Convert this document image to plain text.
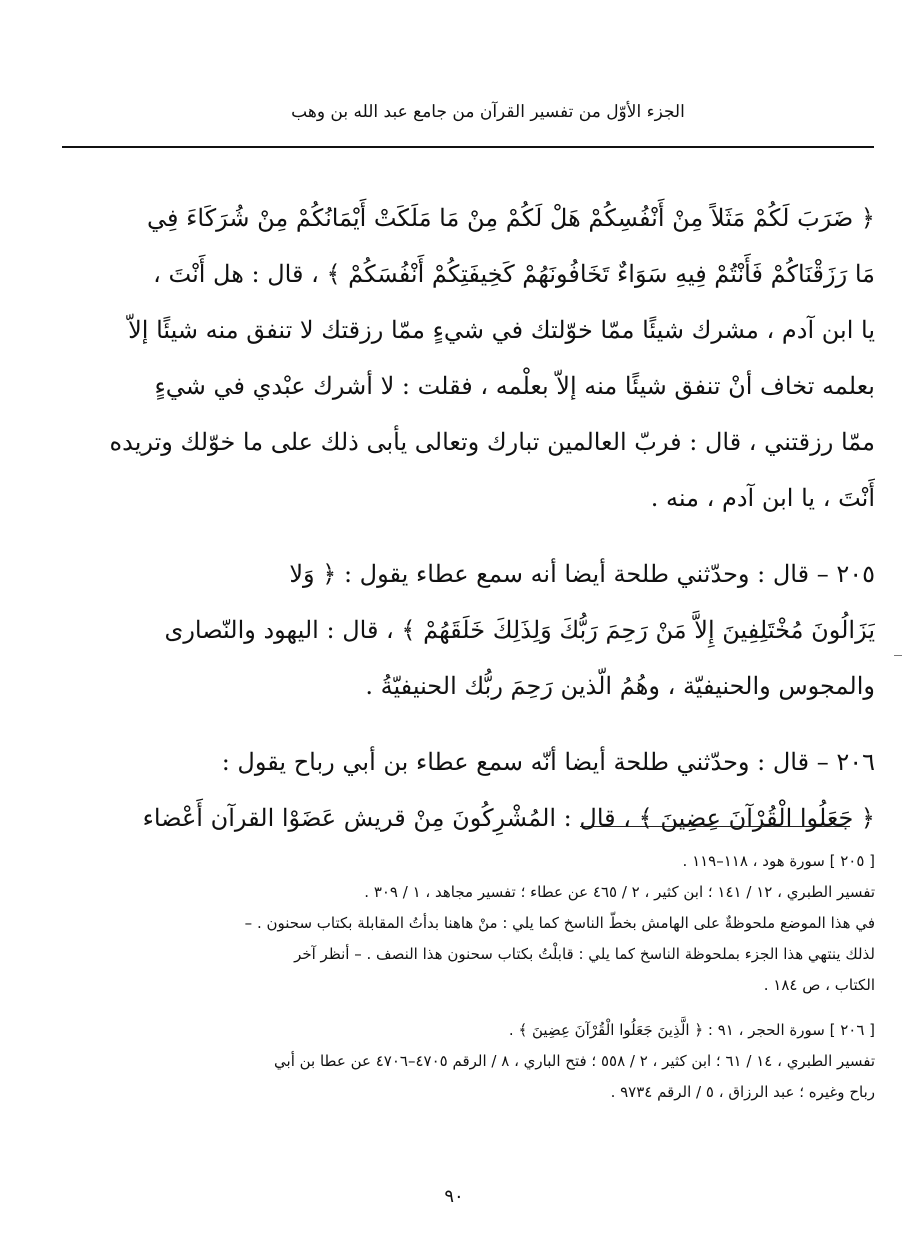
الجزء الأوّل من تفسير القرآن من جامع عبد الله بن وهب
﴿ ضَرَبَ لَكُمْ مَثَلاً مِنْ أَنْفُسِكُمْ هَلْ لَكُمْ مِنْ مَا مَلَكَتْ أَيْمَانُكُمْ مِنْ شُرَكَاءَ فِي
مَا رَزَقْنَاكُمْ فَأَنْتُمْ فِيهِ سَوَاءٌ تَخَافُونَهُمْ كَخِيفَتِكُمْ أَنْفُسَكُمْ ﴾ ، قال : هل أَنْتَ ،
يا ابن آدم ، مشرك شيئًا ممّا خوّلتك في شيءٍ ممّا رزقتك لا تنفق منه شيئًا إلاّ
بعلمه تخاف أنْ تنفق شيئًا منه إلاّ بعلْمه ، فقلت : لا أشرك عبْدي في شيءٍ
ممّا رزقتني ، قال : فربّ العالمين تبارك وتعالى يأبى ذلك على ما خوّلك وتريده
أَنْتَ ، يا ابن آدم ، منه .
٢٠٥ – قال : وحدّثني طلحة أيضا أنه سمع عطاء يقول : ﴿ وَلا
يَزَالُونَ مُخْتَلِفِينَ إِلاَّ مَنْ رَحِمَ رَبُّكَ وَلِذَلِكَ خَلَقَهُمْ ﴾ ، قال : اليهود والنّصارى
والمجوس والحنيفيّة ، وهُمُ الّذين رَحِمَ ربُّك الحنيفيّةُ .
٢٠٦ – قال : وحدّثني طلحة أيضا أنّه سمع عطاء بن أبي رباح يقول :
﴿ جَعَلُوا الْقُرْآنَ عِضِينَ ﴾ ، قال : المُشْرِكُونَ مِنْ قريش عَضَوْا القرآن أَعْضاء
[ ٢٠٥ ] سورة هود ، ١١٨–١١٩ .
تفسير الطبري ، ١٢ / ١٤١ ؛ ابن كثير ، ٢ / ٤٦٥ عن عطاء ؛ تفسير مجاهد ، ١ / ٣٠٩ .
في هذا الموضع ملحوظةٌ على الهامش بخطّ الناسخ كما يلي : منْ هاهنا بدأتُ المقابلة بكتاب سحنون . –
لذلك ينتهي هذا الجزء بملحوظة الناسخ كما يلي : قابلْتُ بكتاب سحنون هذا النصف . – أنظر آخر
الكتاب ، ص ١٨٤ .
[ ٢٠٦ ] سورة الحجر ، ٩١ : ﴿ الَّذِينَ جَعَلُوا الْقُرْآنَ عِضِينَ ﴾ .
تفسير الطبري ، ١٤ / ٦١ ؛ ابن كثير ، ٢ / ٥٥٨ ؛ فتح الباري ، ٨ / الرقم ٤٧٠٥–٤٧٠٦ عن عطا بن أبي
رباح وغيره ؛ عبد الرزاق ، ٥ / الرقم ٩٧٣٤ .
٩٠
